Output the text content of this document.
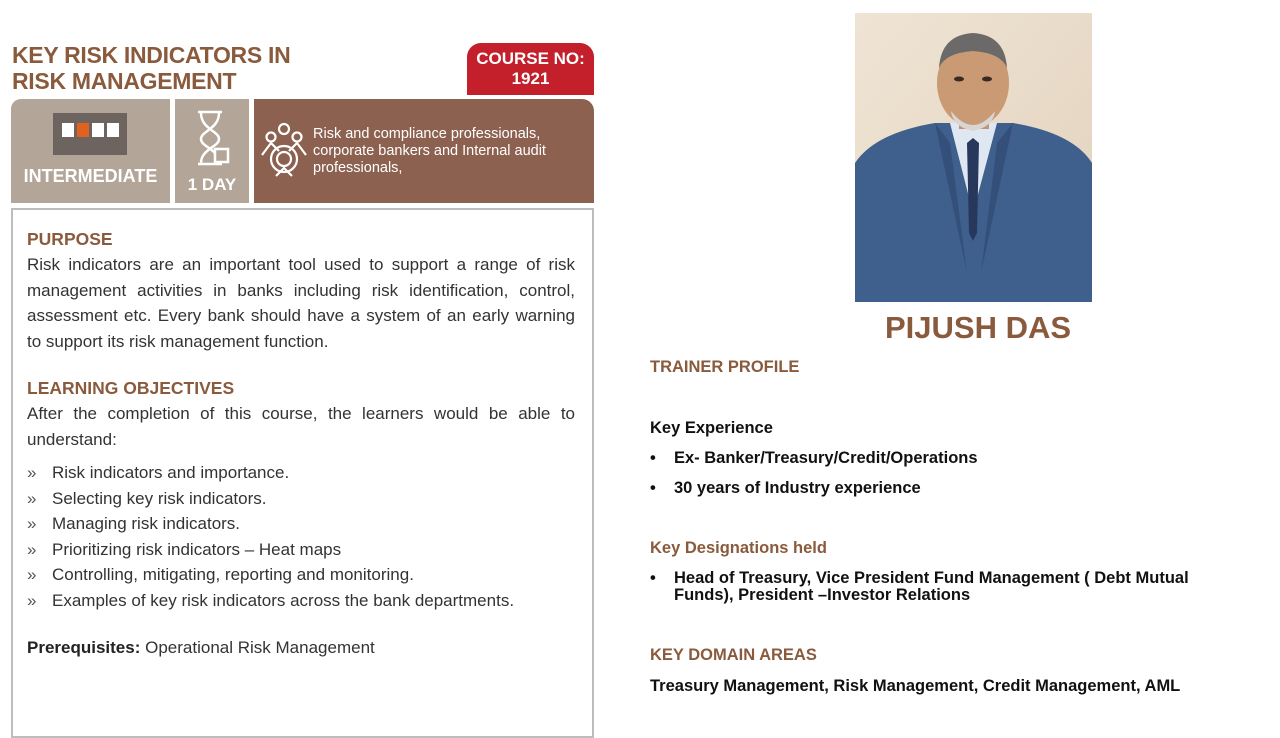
KEY RISK INDICATORS IN
RISK MANAGEMENT
COURSE NO:
1921
INTERMEDIATE	1 DAY
Risk and compliance professionals, corporate bankers and Internal audit professionals,
PURPOSE
Risk indicators are an important tool used to support a range of risk management activities in banks including risk identification, control, assessment etc. Every bank should have a system of an early warning to support its risk management function.
LEARNING OBJECTIVES
After the completion of this course, the learners would be able to understand:
» Risk indicators and importance.
» Selecting key risk indicators.
» Managing risk indicators.
» Prioritizing risk indicators – Heat maps
» Controlling, mitigating, reporting and monitoring.
» Examples of key risk indicators across the bank departments.
Prerequisites: Operational Risk Management
PIJUSH DAS
TRAINER PROFILE
Key Experience
•	Ex- Banker/Treasury/Credit/Operations
•	30 years of Industry experience
Key Designations held
•	Head of Treasury, Vice President Fund Management ( Debt Mutual Funds), President –Investor Relations
KEY DOMAIN AREAS
Treasury Management, Risk Management, Credit Management, AML
